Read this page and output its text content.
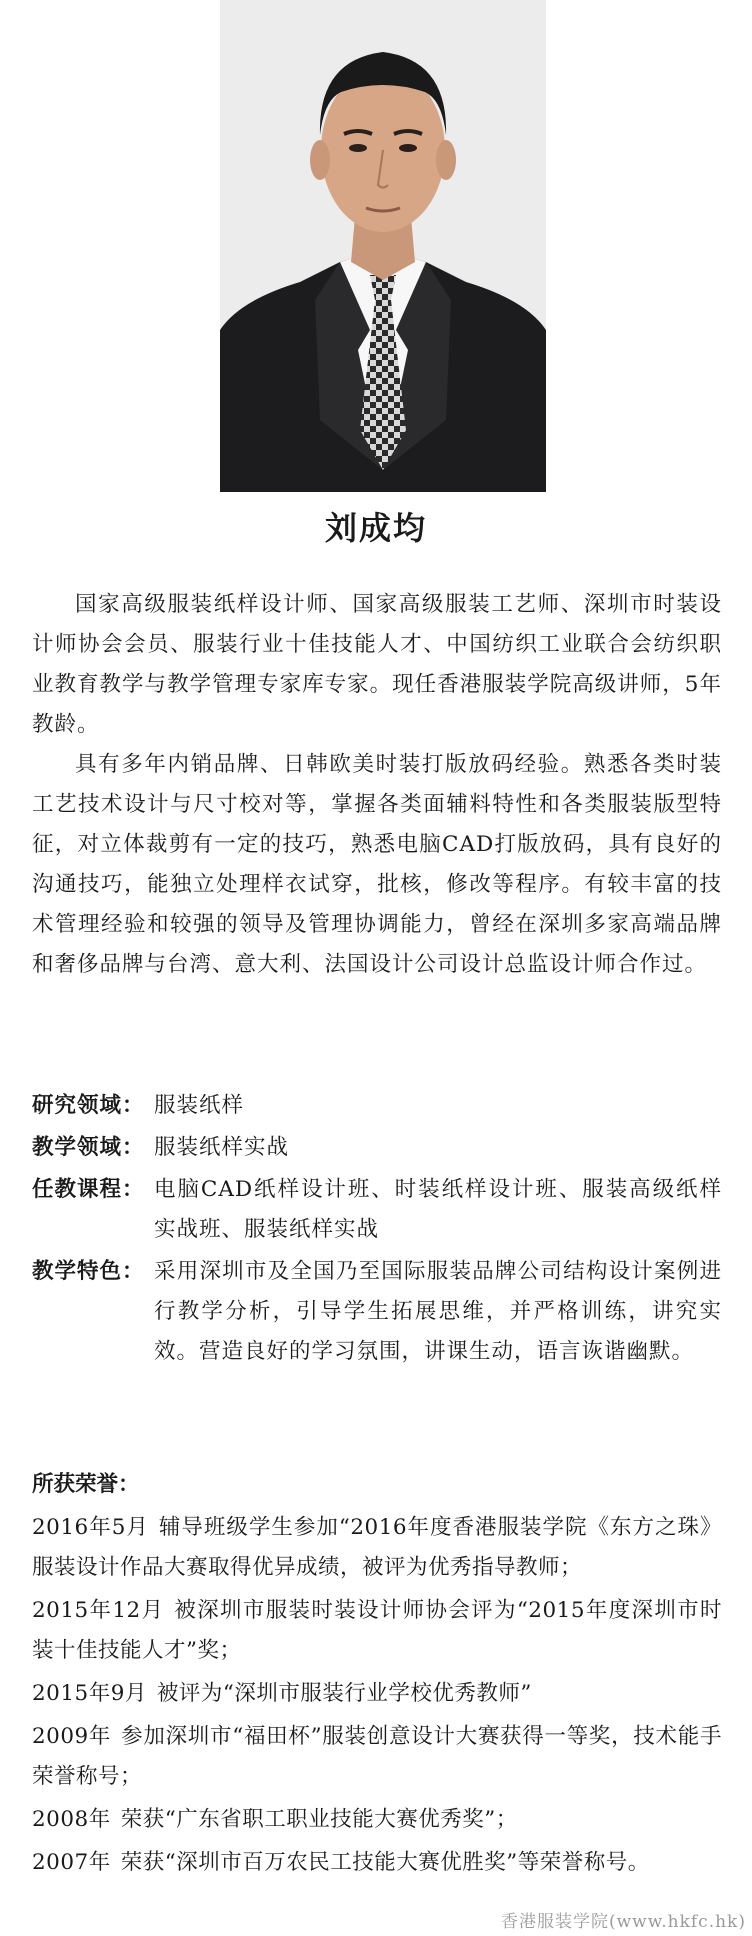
刘成均

国家高级服装纸样设计师、国家高级服装工艺师、深圳市时装设计师协会会员、服装行业十佳技能人才、中国纺织工业联合会纺织职业教育教学与教学管理专家库专家。现任香港服装学院高级讲师，5年教龄。

具有多年内销品牌、日韩欧美时装打版放码经验。熟悉各类时装工艺技术设计与尺寸校对等，掌握各类面辅料特性和各类服装版型特征，对立体裁剪有一定的技巧，熟悉电脑CAD打版放码，具有良好的沟通技巧，能独立处理样衣试穿，批核，修改等程序。有较丰富的技术管理经验和较强的领导及管理协调能力，曾经在深圳多家高端品牌和奢侈品牌与台湾、意大利、法国设计公司设计总监设计师合作过。

研究领域： 服装纸样
教学领域： 服装纸样实战
任教课程： 电脑CAD纸样设计班、时装纸样设计班、服装高级纸样实战班、服装纸样实战
教学特色： 采用深圳市及全国乃至国际服装品牌公司结构设计案例进行教学分析，引导学生拓展思维，并严格训练，讲究实效。营造良好的学习氛围，讲课生动，语言诙谐幽默。
所获荣誉：
2016年5月 辅导班级学生参加“2016年度香港服装学院《东方之珠》服装设计作品大赛取得优异成绩，被评为优秀指导教师；
2015年12月 被深圳市服装时装设计师协会评为“2015年度深圳市时装十佳技能人才”奖；
2015年9月 被评为“深圳市服装行业学校优秀教师”
2009年 参加深圳市“福田杯”服装创意设计大赛获得一等奖，技术能手荣誉称号；
2008年 荣获“广东省职工职业技能大赛优秀奖”；
2007年 荣获“深圳市百万农民工技能大赛优胜奖”等荣誉称号。
香港服装学院(www.hkfc.hk)
